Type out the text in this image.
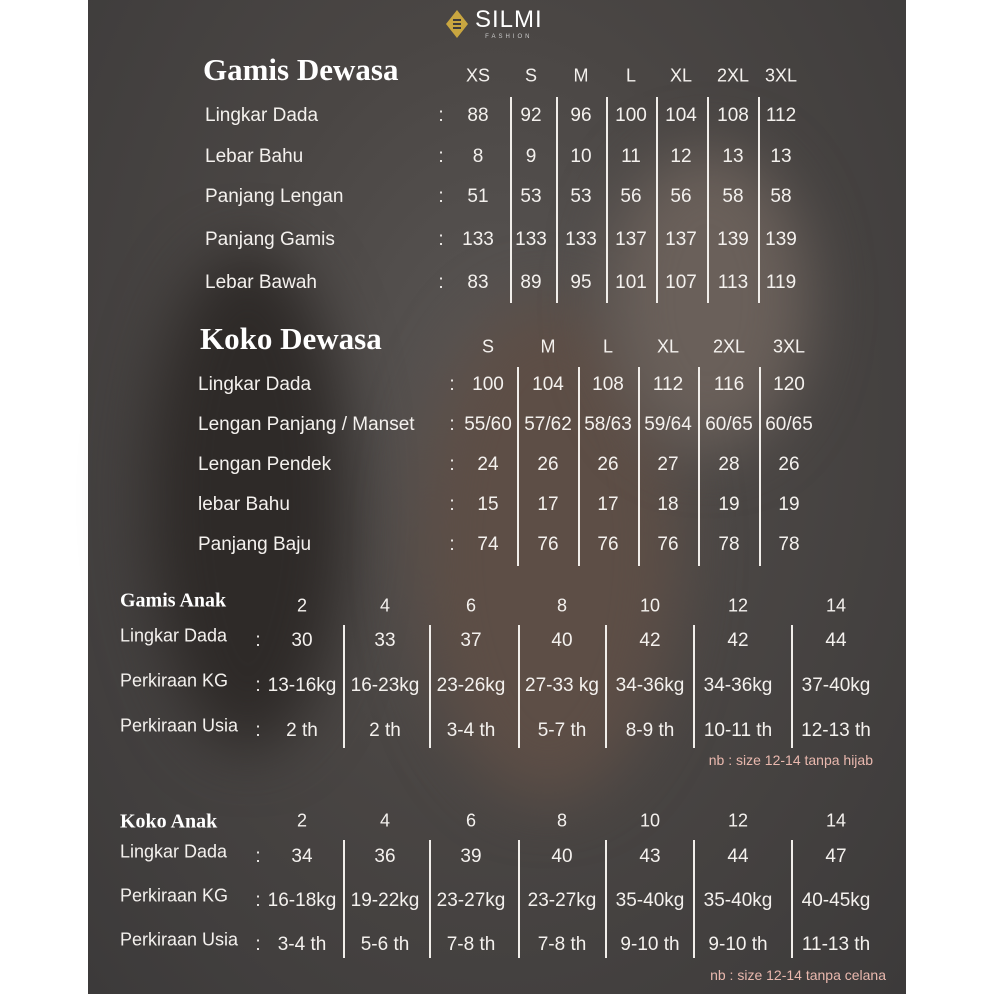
SILMI
FASHION
Gamis Dewasa	XS S M L XL 2XL 3XL
Lingkar Dada	: 88 92 96 100 104 108 112
Lebar Bahu	: 8 9 10 11 12 13 13
Panjang Lengan	: 51 53 53 56 56 58 58
Panjang Gamis	: 133 133 133 137 137 139 139
Lebar Bawah	: 83 89 95 101 107 113 119
Koko Dewasa	S	M	L XL 2XL 3XL
Lingkar Dada	: 100 104 108 112 116 120
Lengan Panjang / Manset : 55/60 57/62 58/63 59/64 60/65 60/65
Lengan Pendek	: 24 26 26 27 28 26
lebar Bahu	: 15 17 17 18 19 19
Panjang Baju	: 74 76 76 76 78 78
Gamis Anak	2	4	6	8	10	12	14
Lingkar Dada : 30	33	37	40	42	42	44
Perkiraan KG : 13-16kg 16-23kg 23-26kg 27-33 kg 34-36kg 34-36kg 37-40kg
Perkiraan Usia : 2 th	2 th 3-4 th 5-7 th 8-9 th 10-11 th 12-13 th
nb : size 12-14 tanpa hijab
Koko Anak	2	4	6	8	10	12	14
Lingkar Dada : 34	36	39	40	43	44	47
Perkiraan KG : 16-18kg 19-22kg 23-27kg 23-27kg 35-40kg 35-40kg 40-45kg
Perkiraan Usia : 3-4 th 5-6 th 7-8 th 7-8 th 9-10 th 9-10 th 11-13 th
nb : size 12-14 tanpa celana
